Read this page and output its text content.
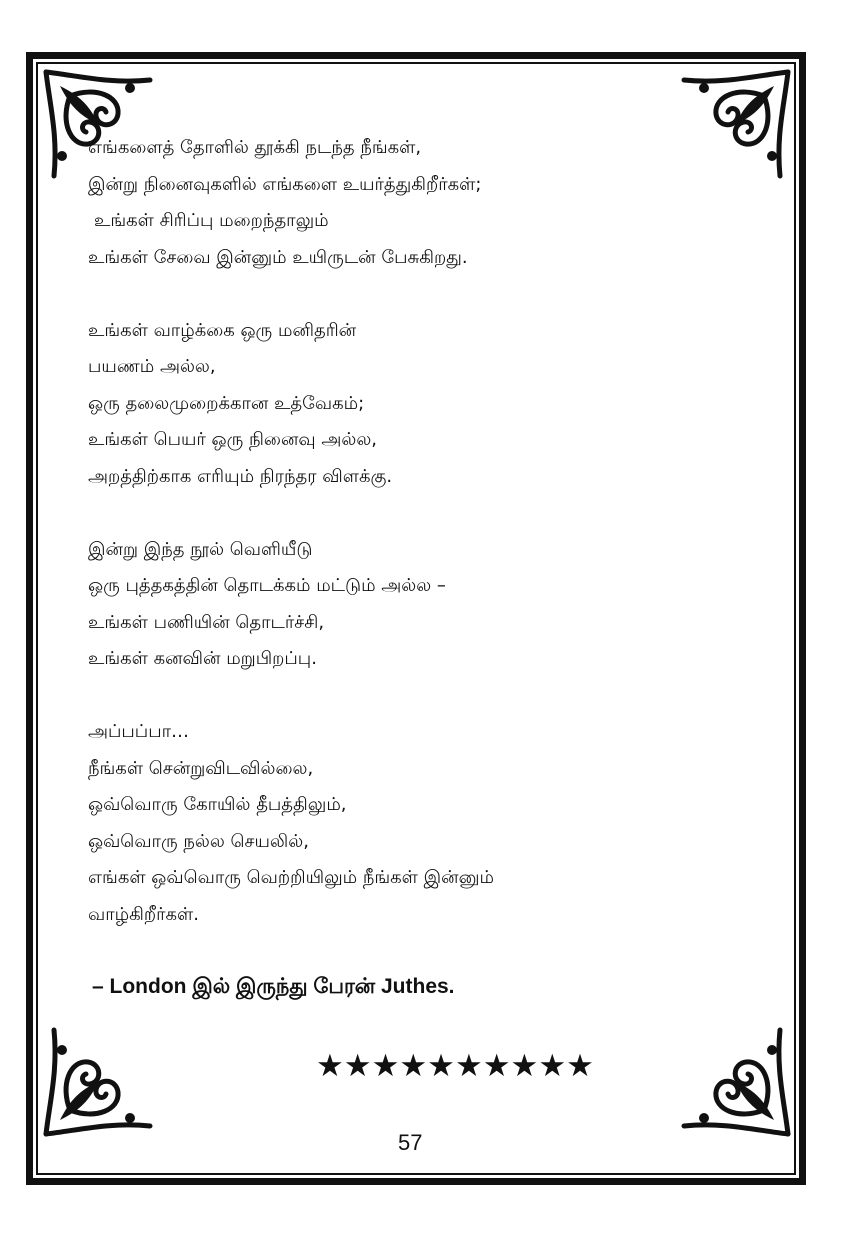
எங்களைத் தோளில் தூக்கி நடந்த நீங்கள்,
இன்று நினைவுகளில் எங்களை உயர்த்துகிறீர்கள்;
உங்கள் சிரிப்பு மறைந்தாலும்
உங்கள் சேவை இன்னும் உயிருடன் பேசுகிறது.
உங்கள் வாழ்க்கை ஒரு மனிதரின்
பயணம் அல்ல,
ஒரு தலைமுறைக்கான உத்வேகம்;
உங்கள் பெயர் ஒரு நினைவு அல்ல,
அறத்திற்காக எரியும் நிரந்தர விளக்கு.
இன்று இந்த நூல் வெளியீடு
ஒரு புத்தகத்தின் தொடக்கம் மட்டும் அல்ல –
உங்கள் பணியின் தொடர்ச்சி,
உங்கள் கனவின் மறுபிறப்பு.
அப்பப்பா…
நீங்கள் சென்றுவிடவில்லை,
ஒவ்வொரு கோயில் தீபத்திலும்,
ஒவ்வொரு நல்ல செயலில்,
எங்கள் ஒவ்வொரு வெற்றியிலும் நீங்கள் இன்னும்
வாழ்கிறீர்கள்.
– London இல் இருந்து பேரன் Juthes.
★★★★★★★★★★
57
